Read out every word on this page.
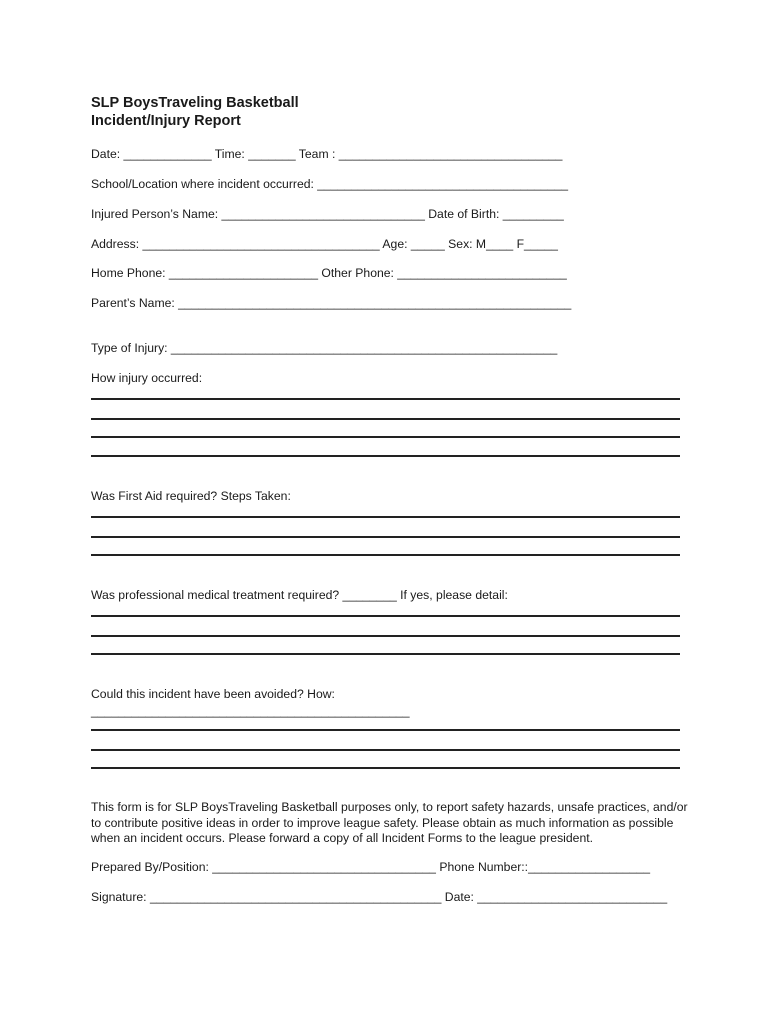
SLP BoysTraveling Basketball
Incident/Injury Report
Date: _____________ Time: _______ Team : _________________________________
School/Location where incident occurred: _____________________________________
Injured Person’s Name: ______________________________ Date of Birth: _________
Address: ___________________________________ Age: _____ Sex: M____ F_____
Home Phone: ______________________ Other Phone: _________________________
Parent’s Name: __________________________________________________________
Type of Injury: _________________________________________________________
How injury occurred:
Was First Aid required? Steps Taken:
Was professional medical treatment required? ________ If yes, please detail:
Could this incident have been avoided? How:
_______________________________________________
This form is for SLP BoysTraveling Basketball purposes only, to report safety hazards, unsafe practices, and/or to contribute positive ideas in order to improve league safety. Please obtain as much information as possible when an incident occurs. Please forward a copy of all Incident Forms to the league president.
Prepared By/Position: _________________________________ Phone Number::__________________
Signature: ___________________________________________ Date: ____________________________
